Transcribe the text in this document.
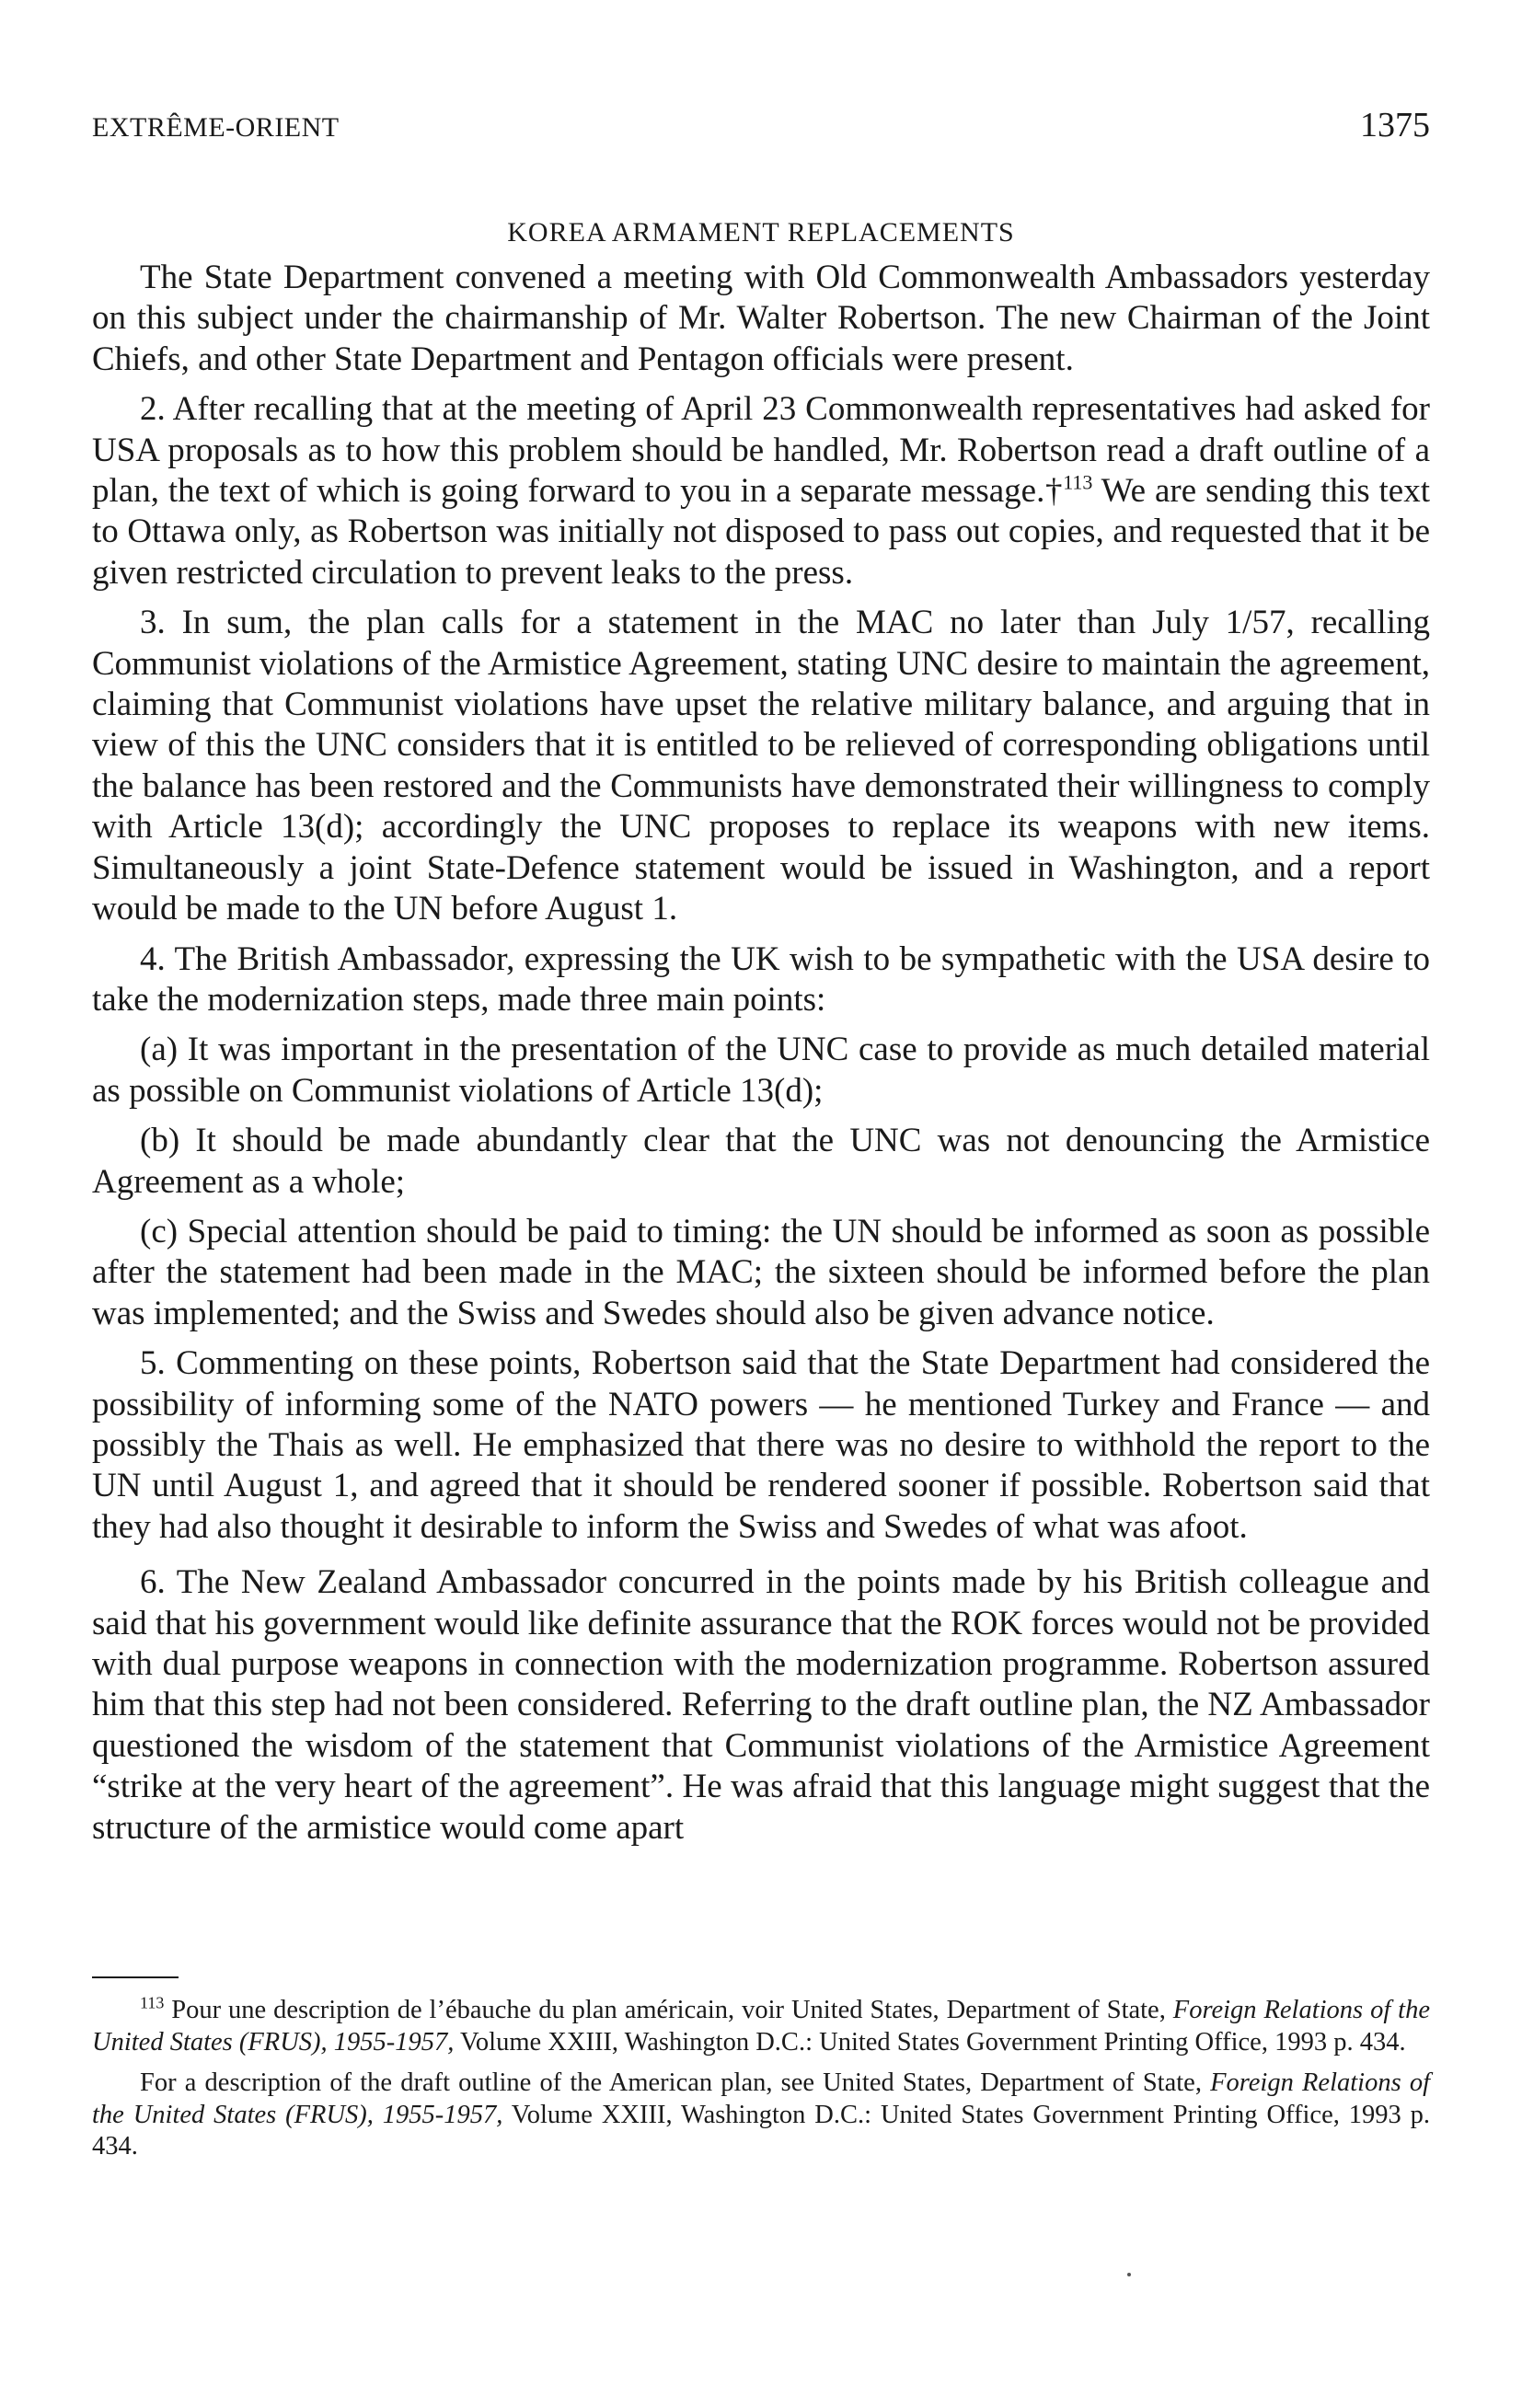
EXTRÊME-ORIENT	1375
KOREA ARMAMENT REPLACEMENTS

The State Department convened a meeting with Old Commonwealth Ambassadors yesterday on this subject under the chairmanship of Mr. Walter Robertson. The new Chairman of the Joint Chiefs, and other State Department and Pentagon officials were present.

2. After recalling that at the meeting of April 23 Commonwealth representatives had asked for USA proposals as to how this problem should be handled, Mr. Robertson read a draft outline of a plan, the text of which is going forward to you in a separate message.†$^{113}$ We are sending this text to Ottawa only, as Robertson was initially not disposed to pass out copies, and requested that it be given restricted circulation to prevent leaks to the press.

3. In sum, the plan calls for a statement in the MAC no later than July 1/57, recalling Communist violations of the Armistice Agreement, stating UNC desire to maintain the agreement, claiming that Communist violations have upset the relative military balance, and arguing that in view of this the UNC considers that it is entitled to be relieved of corresponding obligations until the balance has been restored and the Communists have demonstrated their willingness to comply with Article 13(d); accordingly the UNC proposes to replace its weapons with new items. Simultaneously a joint State-Defence statement would be issued in Washington, and a report would be made to the UN before August 1.

4. The British Ambassador, expressing the UK wish to be sympathetic with the USA desire to take the modernization steps, made three main points:

(a) It was important in the presentation of the UNC case to provide as much detailed material as possible on Communist violations of Article 13(d);

(b) It should be made abundantly clear that the UNC was not denouncing the Armistice Agreement as a whole;

(c) Special attention should be paid to timing: the UN should be informed as soon as possible after the statement had been made in the MAC; the sixteen should be informed before the plan was implemented; and the Swiss and Swedes should also be given advance notice.

5. Commenting on these points, Robertson said that the State Department had considered the possibility of informing some of the NATO powers — he mentioned Turkey and France — and possibly the Thais as well. He emphasized that there was no desire to withhold the report to the UN until August 1, and agreed that it should be rendered sooner if possible. Robertson said that they had also thought it desirable to inform the Swiss and Swedes of what was afoot.

6. The New Zealand Ambassador concurred in the points made by his British colleague and said that his government would like definite assurance that the ROK forces would not be provided with dual purpose weapons in connection with the modernization programme. Robertson assured him that this step had not been considered. Referring to the draft outline plan, the NZ Ambassador questioned the wisdom of the statement that Communist violations of the Armistice Agreement “strike at the very heart of the agreement”. He was afraid that this language might suggest that the structure of the armistice would come apart

$^{113}$ Pour une description de l’ébauche du plan américain, voir United States, Department of State, Foreign Relations of the United States (FRUS), 1955-1957, Volume XXIII, Washington D.C.: United States Government Printing Office, 1993 p. 434.

For a description of the draft outline of the American plan, see United States, Department of State, Foreign Relations of the United States (FRUS), 1955-1957, Volume XXIII, Washington D.C.: United States Government Printing Office, 1993 p. 434.
